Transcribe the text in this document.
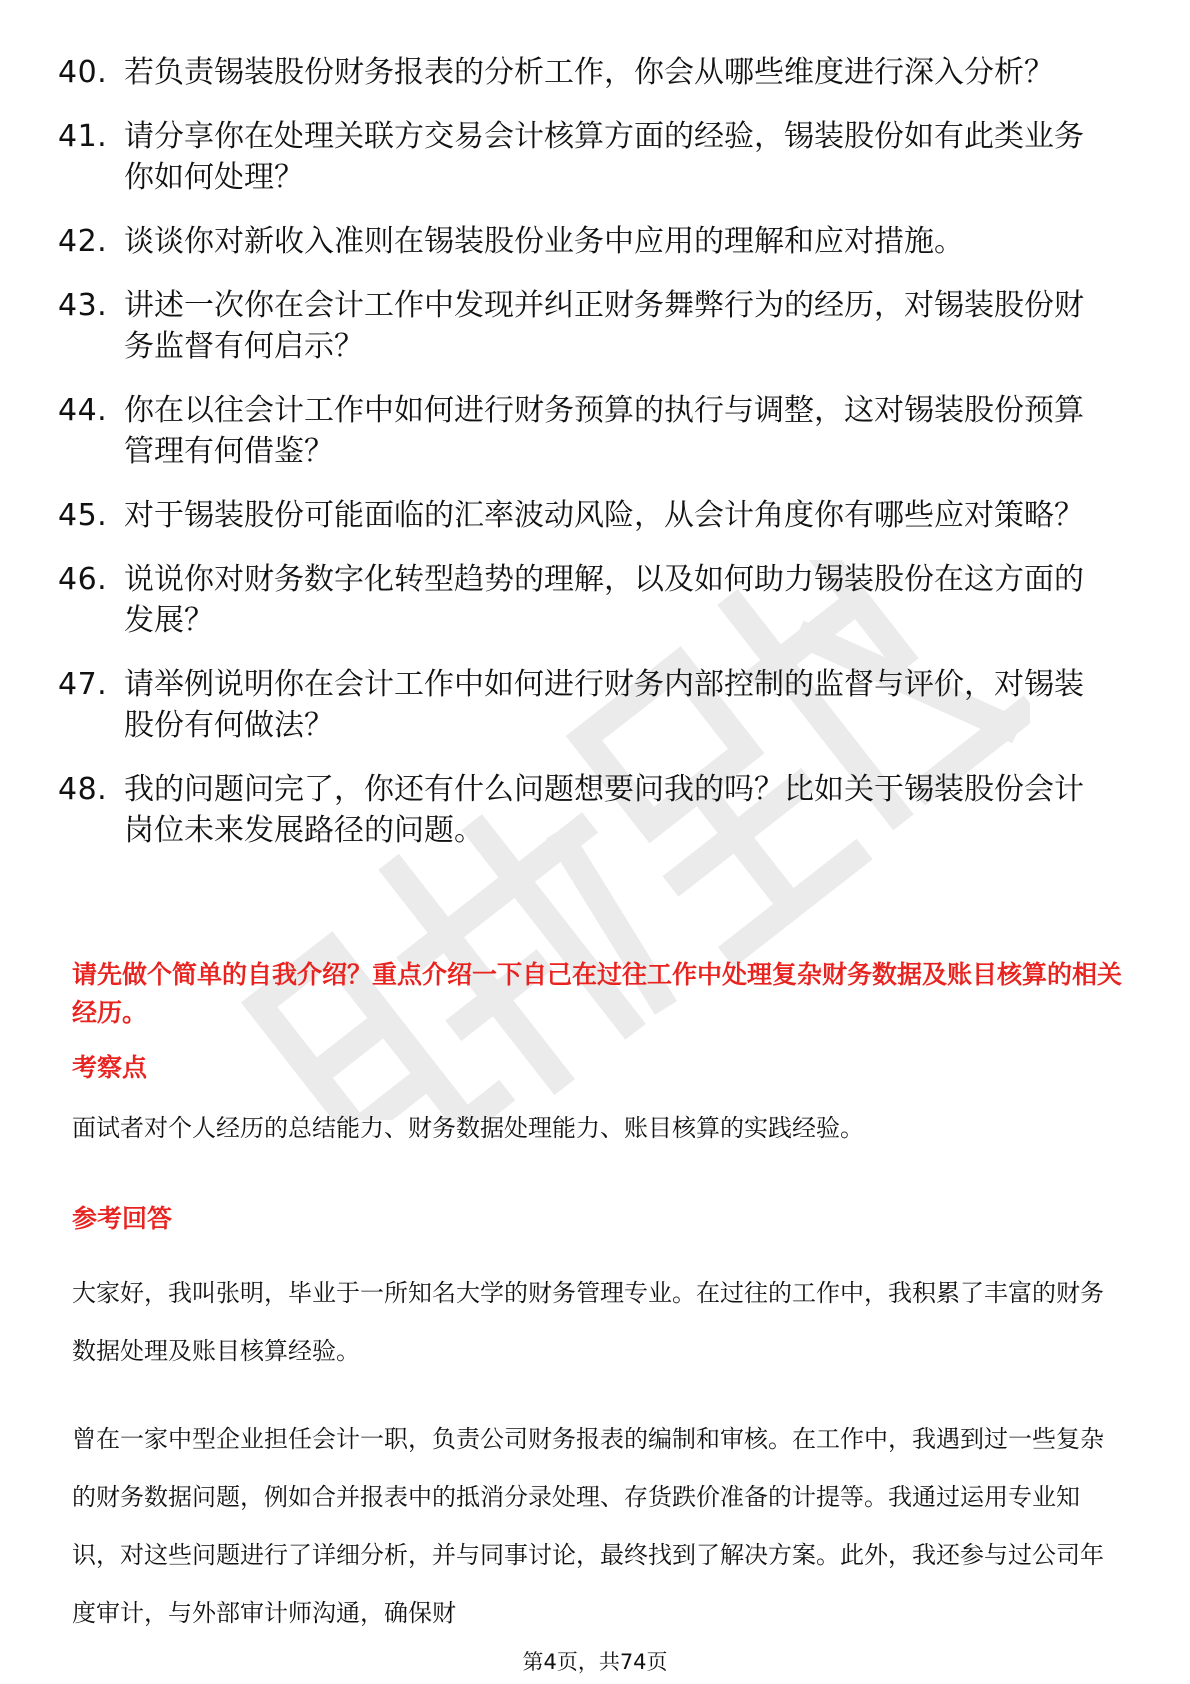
40. 若负责锡装股份财务报表的分析工作，你会从哪些维度进行深入分析？
41. 请分享你在处理关联方交易会计核算方面的经验，锡装股份如有此类业务你如何处理？
42. 谈谈你对新收入准则在锡装股份业务中应用的理解和应对措施。
43. 讲述一次你在会计工作中发现并纠正财务舞弊行为的经历，对锡装股份财务监督有何启示？
44. 你在以往会计工作中如何进行财务预算的执行与调整，这对锡装股份预算管理有何借鉴？
45. 对于锡装股份可能面临的汇率波动风险，从会计角度你有哪些应对策略？
46. 说说你对财务数字化转型趋势的理解，以及如何助力锡装股份在这方面的发展？
47. 请举例说明你在会计工作中如何进行财务内部控制的监督与评价，对锡装股份有何做法？
48. 我的问题问完了，你还有什么问题想要问我的吗？比如关于锡装股份会计岗位未来发展路径的问题。
请先做个简单的自我介绍？重点介绍一下自己在过往工作中处理复杂财务数据及账目核算的相关经历。
考察点

面试者对个人经历的总结能力、财务数据处理能力、账目核算的实践经验。

参考回答

大家好，我叫张明，毕业于一所知名大学的财务管理专业。在过往的工作中，我积累了丰富的财务数据处理及账目核算经验。

曾在一家中型企业担任会计一职，负责公司财务报表的编制和审核。在工作中，我遇到过一些复杂的财务数据问题，例如合并报表中的抵消分录处理、存货跌价准备的计提等。我通过运用专业知识，对这些问题进行了详细分析，并与同事讨论，最终找到了解决方案。此外，我还参与过公司年度审计，与外部审计师沟通，确保财

第4页，共74页
